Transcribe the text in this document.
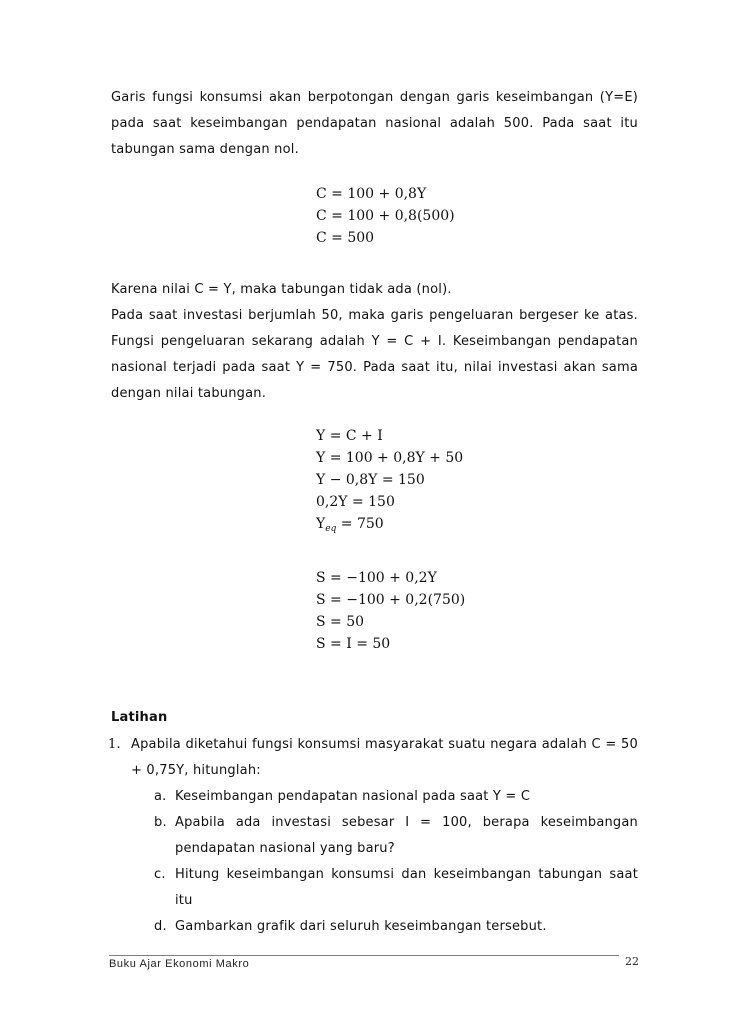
Garis fungsi konsumsi akan berpotongan dengan garis keseimbangan (Y=E) pada saat keseimbangan pendapatan nasional adalah 500. Pada saat itu tabungan sama dengan nol.

C = 100 + 0,8Y
C = 100 + 0,8(500)
C = 500

Karena nilai C = Y, maka tabungan tidak ada (nol).

Pada saat investasi berjumlah 50, maka garis pengeluaran bergeser ke atas. Fungsi pengeluaran sekarang adalah Y = C + I. Keseimbangan pendapatan nasional terjadi pada saat Y = 750. Pada saat itu, nilai investasi akan sama dengan nilai tabungan.

Y = C + I
Y = 100 + 0,8Y + 50
Y − 0,8Y = 150
0,2Y = 150
$Y_{eq} = 750$
S = −100 + 0,2Y
S = −100 + 0,2(750)
S = 50
S = I = 50
Latihan
1. Apabila diketahui fungsi konsumsi masyarakat suatu negara adalah C = 50 + 0,75Y, hitunglah:
a. Keseimbangan pendapatan nasional pada saat Y = C
b. Apabila ada investasi sebesar I = 100, berapa keseimbangan pendapatan nasional yang baru?
c. Hitung keseimbangan konsumsi dan keseimbangan tabungan saat itu
d. Gambarkan grafik dari seluruh keseimbangan tersebut.
Buku Ajar Ekonomi Makro	22
